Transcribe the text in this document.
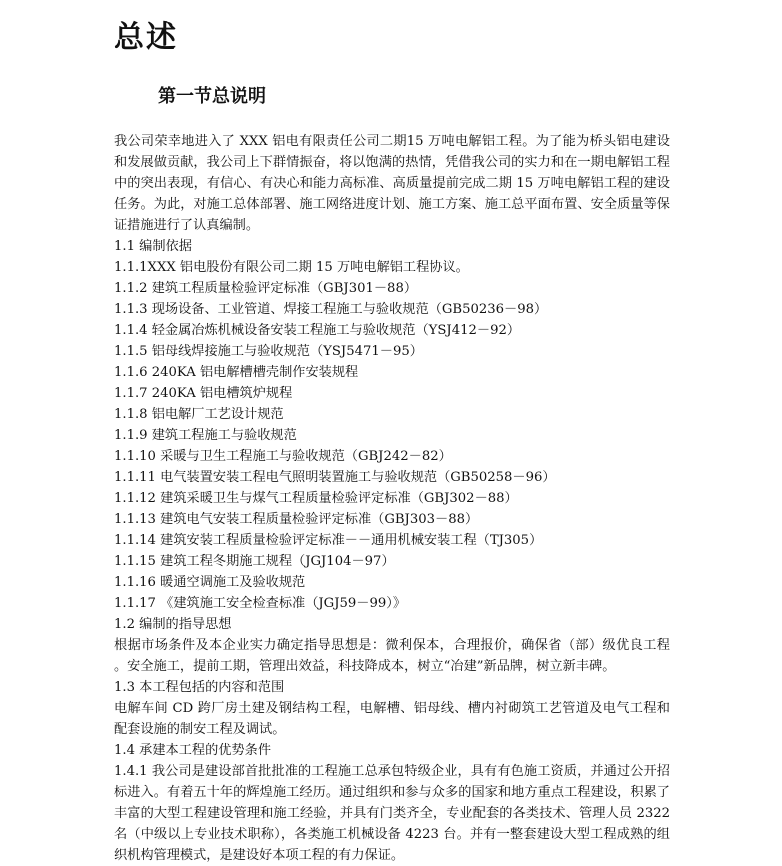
总述
第一节总说明

我公司荣幸地进入了 XXX 铝电有限责任公司二期15 万吨电解铝工程。为了能为桥头铝电建设和发展做贡献，我公司上下群情振奋，将以饱满的热情，凭借我公司的实力和在一期电解铝工程中的突出表现，有信心、有决心和能力高标准、高质量提前完成二期 15 万吨电解铝工程的建设任务。为此，对施工总体部署、施工网络进度计划、施工方案、施工总平面布置、安全质量等保证措施进行了认真编制。

1.1 编制依据

1.1.1XXX 铝电股份有限公司二期 15 万吨电解铝工程协议。

1.1.2 建筑工程质量检验评定标准（GBJ301－88）

1.1.3 现场设备、工业管道、焊接工程施工与验收规范（GB50236－98）

1.1.4 轻金属冶炼机械设备安装工程施工与验收规范（YSJ412－92）

1.1.5 铝母线焊接施工与验收规范（YSJ5471－95）

1.1.6 240KA 铝电解槽槽壳制作安装规程

1.1.7 240KA 铝电槽筑炉规程

1.1.8 铝电解厂工艺设计规范

1.1.9 建筑工程施工与验收规范

1.1.10 采暖与卫生工程施工与验收规范（GBJ242－82）

1.1.11 电气装置安装工程电气照明装置施工与验收规范（GB50258－96）

1.1.12 建筑采暖卫生与煤气工程质量检验评定标准（GBJ302－88）

1.1.13 建筑电气安装工程质量检验评定标准（GBJ303－88）

1.1.14 建筑安装工程质量检验评定标准－－通用机械安装工程（TJ305）

1.1.15 建筑工程冬期施工规程（JGJ104－97）

1.1.16 暖通空调施工及验收规范

1.1.17 《建筑施工安全检查标准（JGJ59－99）》

1.2 编制的指导思想

根据市场条件及本企业实力确定指导思想是：微利保本，合理报价，确保省（部）级优良工程 。安全施工，提前工期，管理出效益，科技降成本，树立“冶建”新品牌，树立新丰碑。

1.3 本工程包括的内容和范围

电解车间 CD 跨厂房土建及钢结构工程，电解槽、铝母线、槽内衬砌筑工艺管道及电气工程和配套设施的制安工程及调试。

1.4 承建本工程的优势条件

1.4.1 我公司是建设部首批批准的工程施工总承包特级企业，具有有色施工资质，并通过公开招标进入。有着五十年的辉煌施工经历。通过组织和参与众多的国家和地方重点工程建设，积累了丰富的大型工程建设管理和施工经验，并具有门类齐全，专业配套的各类技术、管理人员 2322 名（中级以上专业技术职称），各类施工机械设备 4223 台。并有一整套建设大型工程成熟的组织机构管理模式，是建设好本项工程的有力保证。
